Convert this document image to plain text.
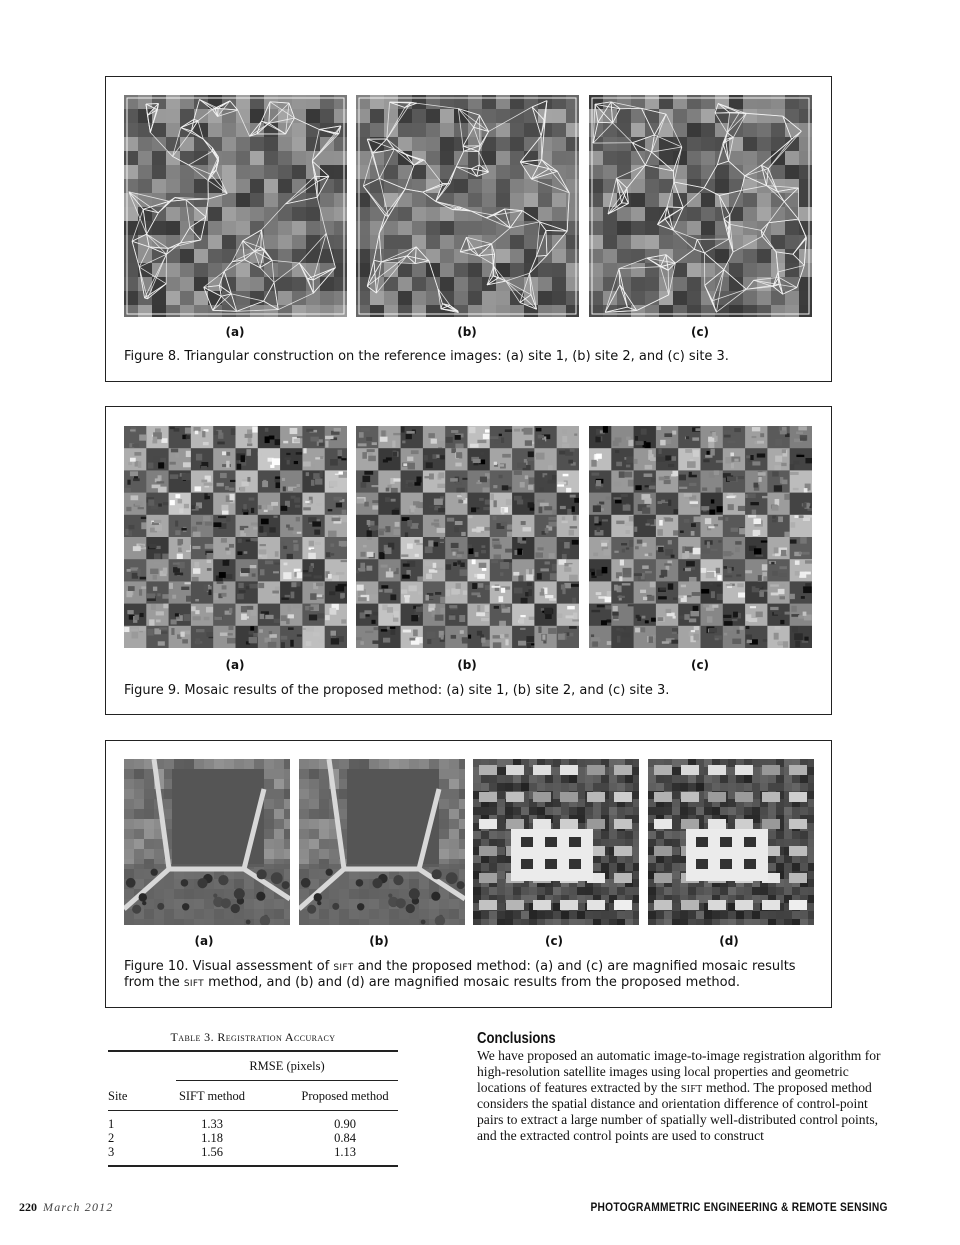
(a)	(b)	(c)
Figure 8. Triangular construction on the reference images: (a) site 1, (b) site 2, and (c) site 3.
(a)	(b)	(c)
Figure 9. Mosaic results of the proposed method: (a) site 1, (b) site 2, and (c) site 3.
(a)	(b)	(c)	(d)
Figure 10. Visual assessment of sift and the proposed method: (a) and (c) are magnified mosaic results from the sift method, and (b) and (d) are magnified mosaic results from the proposed method.
Table 3. Registration Accuracy
RMSE (pixels)
Site	SIFT method	Proposed method
1	1.33	0.90
2	1.18	0.84
3	1.56	1.13
Conclusions
We have proposed an automatic image-to-image registration algorithm for high-resolution satellite images using local properties and geometric locations of features extracted by the sift method. The proposed method considers the spatial distance and orientation difference of control-point pairs to extract a large number of spatially well-distributed control points, and the extracted control points are used to construct
220 March 2012	PHOTOGRAMMETRIC ENGINEERING & REMOTE SENSING
